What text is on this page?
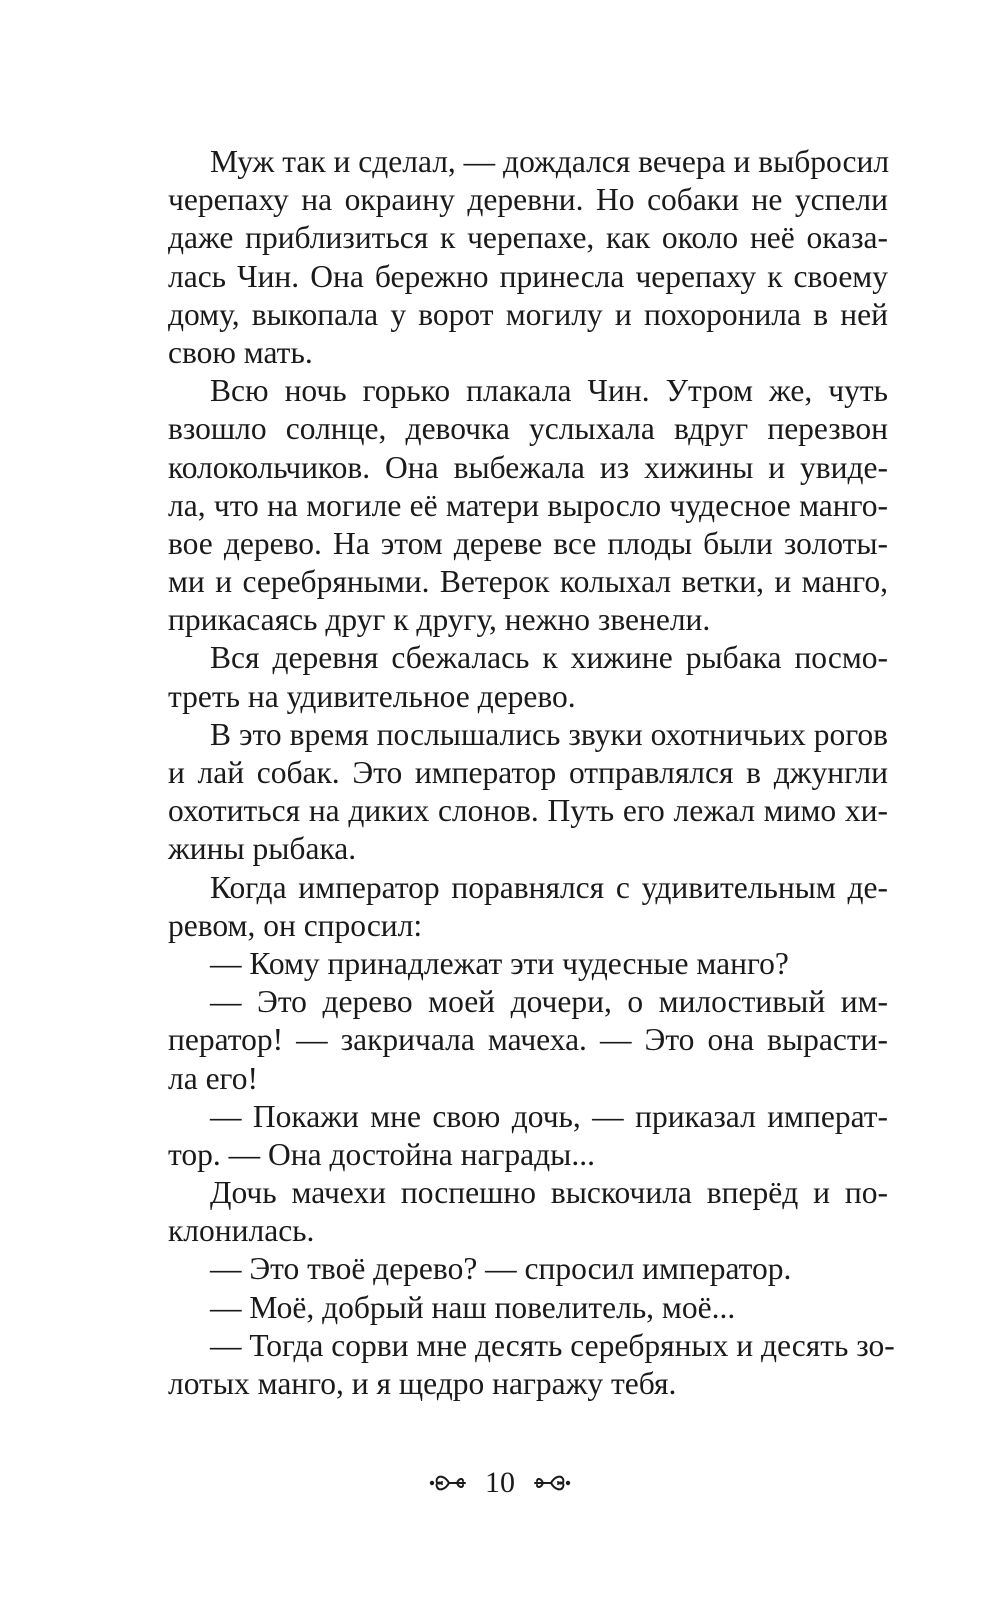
Муж так и сделал, — дождался вечера и выбросил
черепаху на окраину деревни. Но собаки не успели
даже приблизиться к черепахе, как около неё оказа-
лась Чин. Она бережно принесла черепаху к своему
дому, выкопала у ворот могилу и похоронила в ней
свою мать.
Всю ночь горько плакала Чин. Утром же, чуть
взошло солнце, девочка услыхала вдруг перезвон
колокольчиков. Она выбежала из хижины и увиде-
ла, что на могиле её матери выросло чудесное манго-
вое дерево. На этом дереве все плоды были золоты-
ми и серебряными. Ветерок колыхал ветки, и манго,
прикасаясь друг к другу, нежно звенели.
Вся деревня сбежалась к хижине рыбака посмо-
треть на удивительное дерево.
В это время послышались звуки охотничьих рогов
и лай собак. Это император отправлялся в джунгли
охотиться на диких слонов. Путь его лежал мимо хи-
жины рыбака.
Когда император поравнялся с удивительным де-
ревом, он спросил:
— Кому принадлежат эти чудесные манго?
— Это дерево моей дочери, о милостивый им-
ператор! — закричала мачеха. — Это она вырасти-
ла его!
— Покажи мне свою дочь, — приказал императ-
тор. — Она достойна награды...
Дочь мачехи поспешно выскочила вперёд и по-
клонилась.
— Это твоё дерево? — спросил император.
— Моё, добрый наш повелитель, моё...
— Тогда сорви мне десять серебряных и десять зо-
лотых манго, и я щедро награжу тебя.
10
